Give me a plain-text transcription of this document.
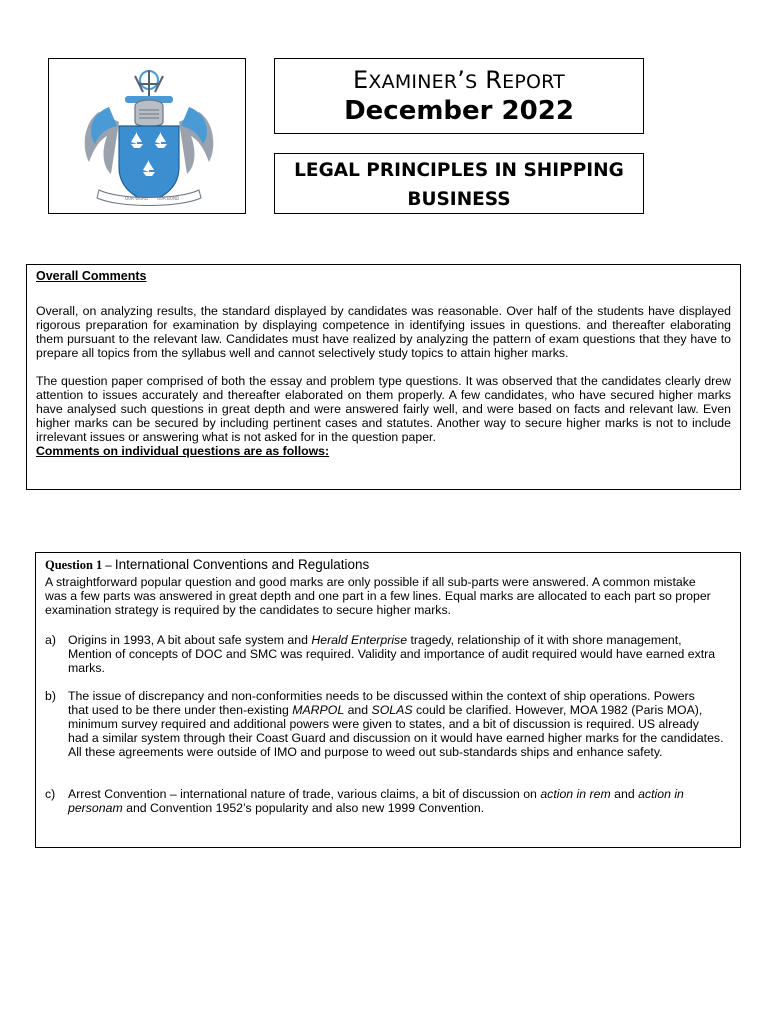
OUR WORD OUR BOND
EXAMINER’S REPORT
December 2022
LEGAL PRINCIPLES IN SHIPPING
BUSINESS

Overall Comments

Overall, on analyzing results, the standard displayed by candidates was reasonable. Over half of the students have displayed rigorous preparation for examination by displaying competence in identifying issues in questions. and thereafter elaborating them pursuant to the relevant law. Candidates must have realized by analyzing the pattern of exam questions that they have to prepare all topics from the syllabus well and cannot selectively study topics to attain higher marks.

The question paper comprised of both the essay and problem type questions. It was observed that the candidates clearly drew attention to issues accurately and thereafter elaborated on them properly. A few candidates, who have secured higher marks have analysed such questions in great depth and were answered fairly well, and were based on facts and relevant law. Even higher marks can be secured by including pertinent cases and statutes. Another way to secure higher marks is not to include irrelevant issues or answering what is not asked for in the question paper.

Comments on individual questions are as follows:

Question 1 – International Conventions and Regulations

A straightforward popular question and good marks are only possible if all sub-parts were answered. A common mistake
was a few parts was answered in great depth and one part in a few lines. Equal marks are allocated to each part so proper
examination strategy is required by the candidates to secure higher marks.
a) Origins in 1993, A bit about safe system and Herald Enterprise tragedy, relationship of it with shore management,
Mention of concepts of DOC and SMC was required. Validity and importance of audit required would have earned extra
marks.
b) The issue of discrepancy and non-conformities needs to be discussed within the context of ship operations. Powers
that used to be there under then-existing MARPOL and SOLAS could be clarified. However, MOA 1982 (Paris MOA),
minimum survey required and additional powers were given to states, and a bit of discussion is required. US already
had a similar system through their Coast Guard and discussion on it would have earned higher marks for the candidates.
All these agreements were outside of IMO and purpose to weed out sub-standards ships and enhance safety.
c) Arrest Convention – international nature of trade, various claims, a bit of discussion on action in rem and action in
personam and Convention 1952’s popularity and also new 1999 Convention.
